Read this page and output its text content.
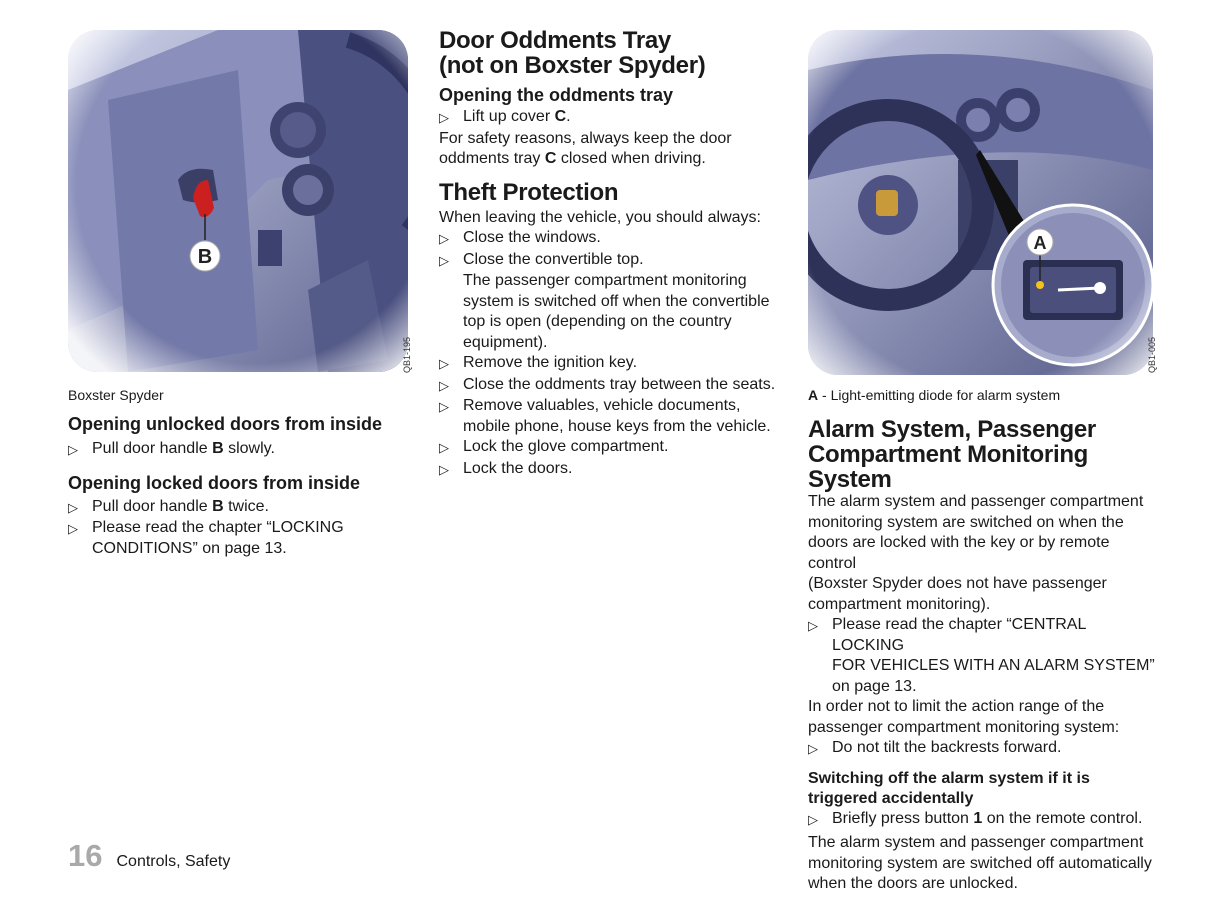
QB1-195
Boxster Spyder
Opening unlocked doors from inside
▷ Pull door handle B slowly.
Opening locked doors from inside
▷ Pull door handle B twice.
▷ Please read the chapter “LOCKING
CONDITIONS” on page 13.
Door Oddments Tray
(not on Boxster Spyder)
Opening the oddments tray
▷ Lift up cover C.
For safety reasons, always keep the door
oddments tray C closed when driving.
Theft Protection
When leaving the vehicle, you should always:
▷ Close the windows.
▷ Close the convertible top.
The passenger compartment monitoring
system is switched off when the convertible
top is open (depending on the country
equipment).
▷ Remove the ignition key.
▷ Close the oddments tray between the seats.
▷ Remove valuables, vehicle documents,
mobile phone, house keys from the vehicle.
▷ Lock the glove compartment.
▷ Lock the doors.
QB1-005
A - Light-emitting diode for alarm system
Alarm System, Passenger
Compartment Monitoring System
The alarm system and passenger compartment
monitoring system are switched on when the
doors are locked with the key or by remote control
(Boxster Spyder does not have passenger
compartment monitoring).
▷ Please read the chapter “CENTRAL LOCKING
FOR VEHICLES WITH AN ALARM SYSTEM”
on page 13.
In order not to limit the action range of the
passenger compartment monitoring system:
▷ Do not tilt the backrests forward.
Switching off the alarm system if it is
triggered accidentally
▷ Briefly press button 1 on the remote control.
The alarm system and passenger compartment
monitoring system are switched off automatically
when the doors are unlocked.
16 Controls, Safety
